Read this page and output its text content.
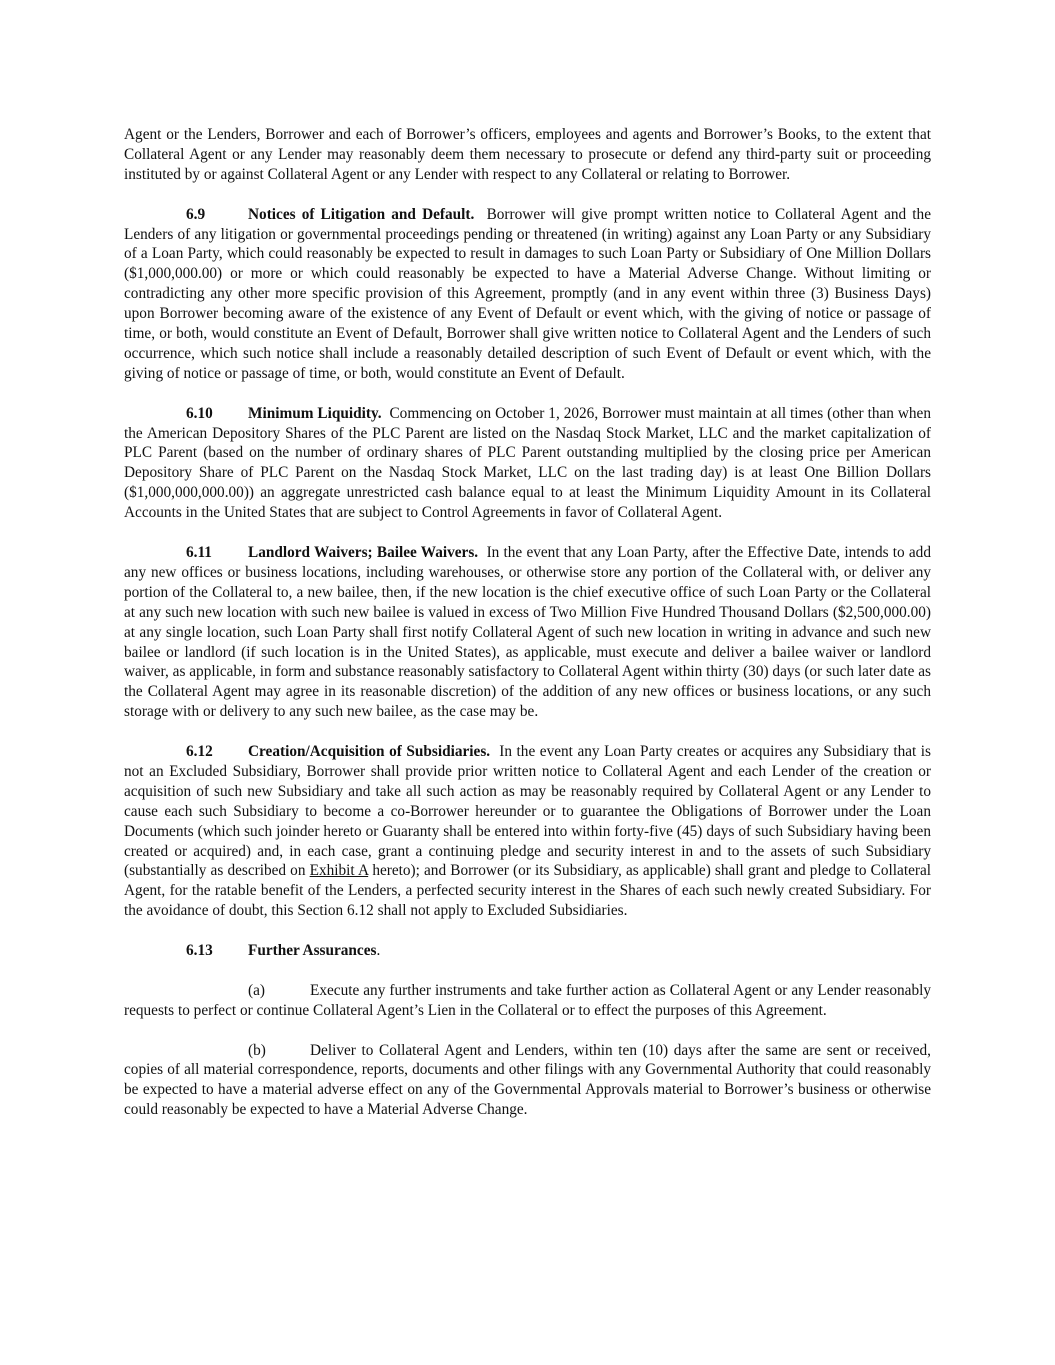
Agent or the Lenders, Borrower and each of Borrower’s officers, employees and agents and Borrower’s Books, to the extent that Collateral Agent or any Lender may reasonably deem them necessary to prosecute or defend any third-party suit or proceeding instituted by or against Collateral Agent or any Lender with respect to any Collateral or relating to Borrower.

6.9	Notices of Litigation and Default. Borrower will give prompt written notice to Collateral Agent and the Lenders of any litigation or governmental proceedings pending or threatened (in writing) against any Loan Party or any Subsidiary of a Loan Party, which could reasonably be expected to result in damages to such Loan Party or Subsidiary of One Million Dollars ($1,000,000.00) or more or which could reasonably be expected to have a Material Adverse Change. Without limiting or contradicting any other more specific provision of this Agreement, promptly (and in any event within three (3) Business Days) upon Borrower becoming aware of the existence of any Event of Default or event which, with the giving of notice or passage of time, or both, would constitute an Event of Default, Borrower shall give written notice to Collateral Agent and the Lenders of such occurrence, which such notice shall include a reasonably detailed description of such Event of Default or event which, with the giving of notice or passage of time, or both, would constitute an Event of Default.

6.10 Minimum Liquidity. Commencing on October 1, 2026, Borrower must maintain at all times (other than when the American Depository Shares of the PLC Parent are listed on the Nasdaq Stock Market, LLC and the market capitalization of PLC Parent (based on the number of ordinary shares of PLC Parent outstanding multiplied by the closing price per American Depository Share of PLC Parent on the Nasdaq Stock Market, LLC on the last trading day) is at least One Billion Dollars ($1,000,000,000.00)) an aggregate unrestricted cash balance equal to at least the Minimum Liquidity Amount in its Collateral Accounts in the United States that are subject to Control Agreements in favor of Collateral Agent.

6.11 Landlord Waivers; Bailee Waivers. In the event that any Loan Party, after the Effective Date, intends to add any new offices or business locations, including warehouses, or otherwise store any portion of the Collateral with, or deliver any portion of the Collateral to, a new bailee, then, if the new location is the chief executive office of such Loan Party or the Collateral at any such new location with such new bailee is valued in excess of Two Million Five Hundred Thousand Dollars ($2,500,000.00) at any single location, such Loan Party shall first notify Collateral Agent of such new location in writing in advance and such new bailee or landlord (if such location is in the United States), as applicable, must execute and deliver a bailee waiver or landlord waiver, as applicable, in form and substance reasonably satisfactory to Collateral Agent within thirty (30) days (or such later date as the Collateral Agent may agree in its reasonable discretion) of the addition of any new offices or business locations, or any such storage with or delivery to any such new bailee, as the case may be.

6.12 Creation/Acquisition of Subsidiaries. In the event any Loan Party creates or acquires any Subsidiary that is not an Excluded Subsidiary, Borrower shall provide prior written notice to Collateral Agent and each Lender of the creation or acquisition of such new Subsidiary and take all such action as may be reasonably required by Collateral Agent or any Lender to cause each such Subsidiary to become a co-Borrower hereunder or to guarantee the Obligations of Borrower under the Loan Documents (which such joinder hereto or Guaranty shall be entered into within forty-five (45) days of such Subsidiary having been created or acquired) and, in each case, grant a continuing pledge and security interest in and to the assets of such Subsidiary (substantially as described on Exhibit A hereto); and Borrower (or its Subsidiary, as applicable) shall grant and pledge to Collateral Agent, for the ratable benefit of the Lenders, a perfected security interest in the Shares of each such newly created Subsidiary. For the avoidance of doubt, this Section 6.12 shall not apply to Excluded Subsidiaries.

6.13 Further Assurances.

(a)	Execute any further instruments and take further action as Collateral Agent or any Lender reasonably requests to perfect or continue Collateral Agent’s Lien in the Collateral or to effect the purposes of this Agreement.

(b)	Deliver to Collateral Agent and Lenders, within ten (10) days after the same are sent or received, copies of all material correspondence, reports, documents and other filings with any Governmental Authority that could reasonably be expected to have a material adverse effect on any of the Governmental Approvals material to Borrower’s business or otherwise could reasonably be expected to have a Material Adverse Change.
